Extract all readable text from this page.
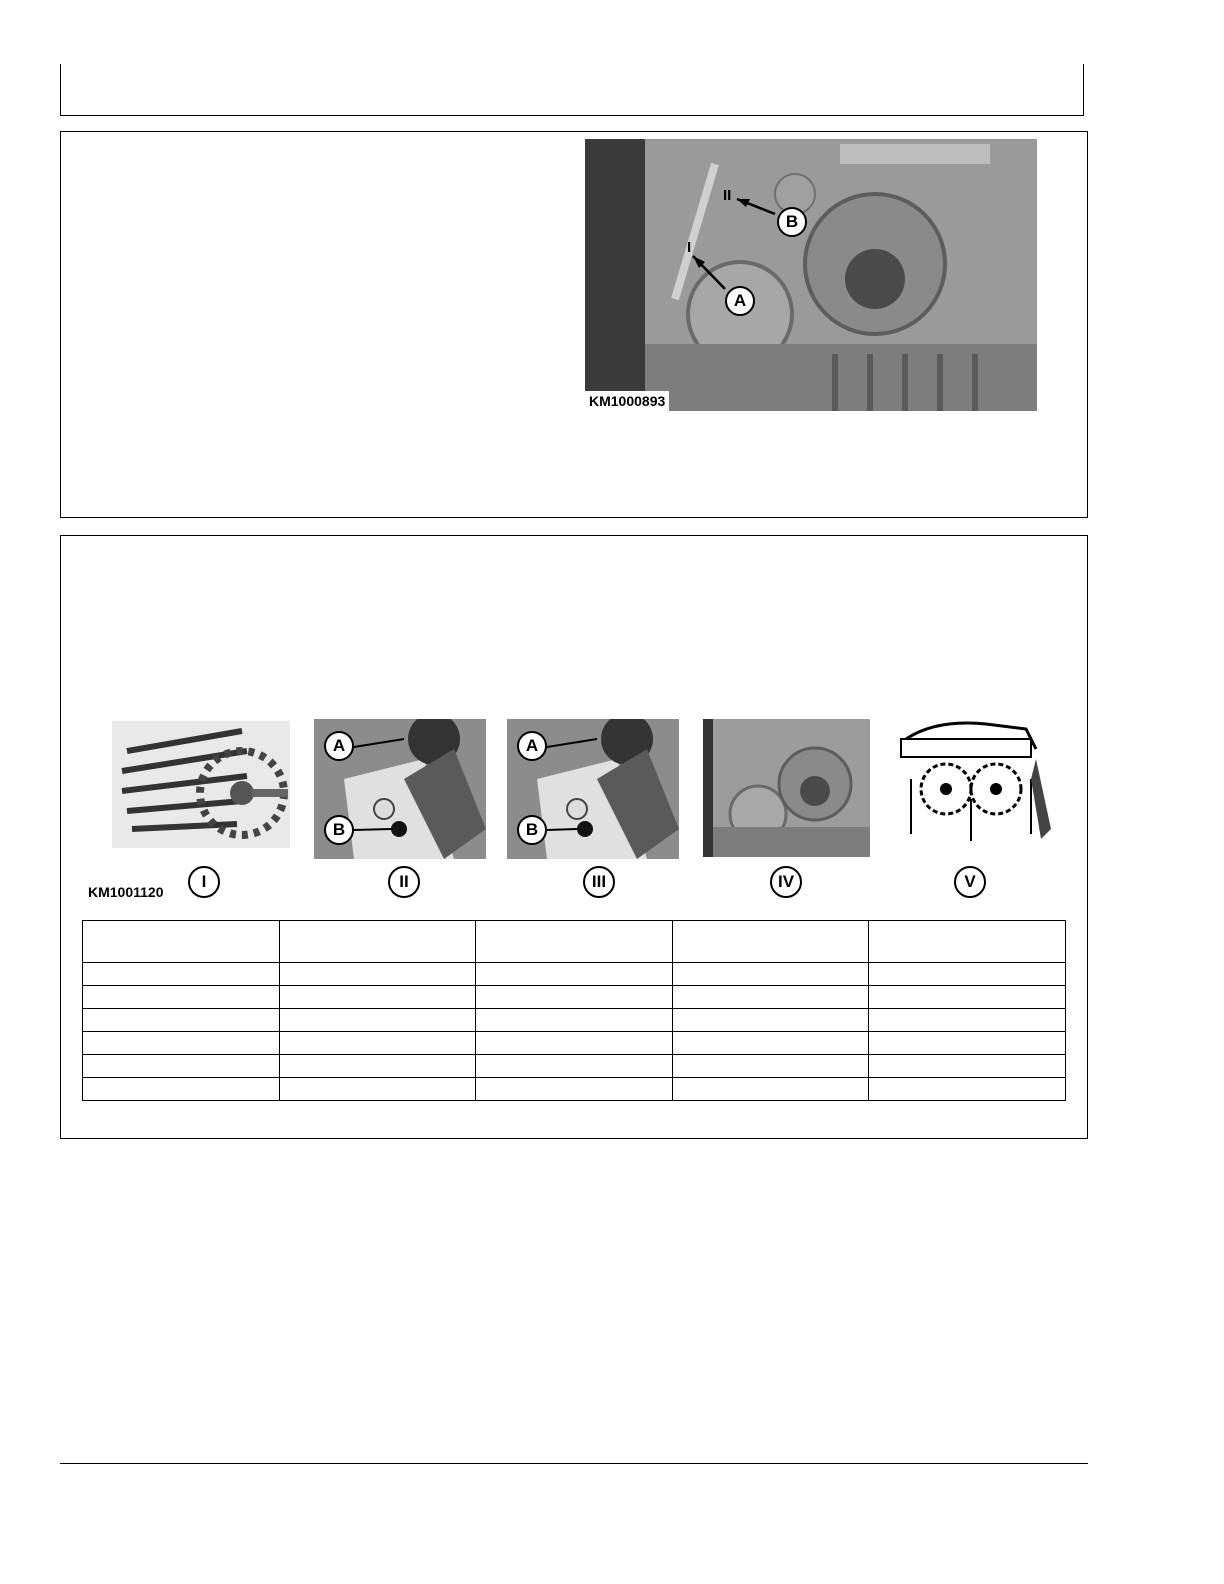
I
II
A
B
KM1000893
A
B
A
B
KM1001120
I	II	III	IV	V
